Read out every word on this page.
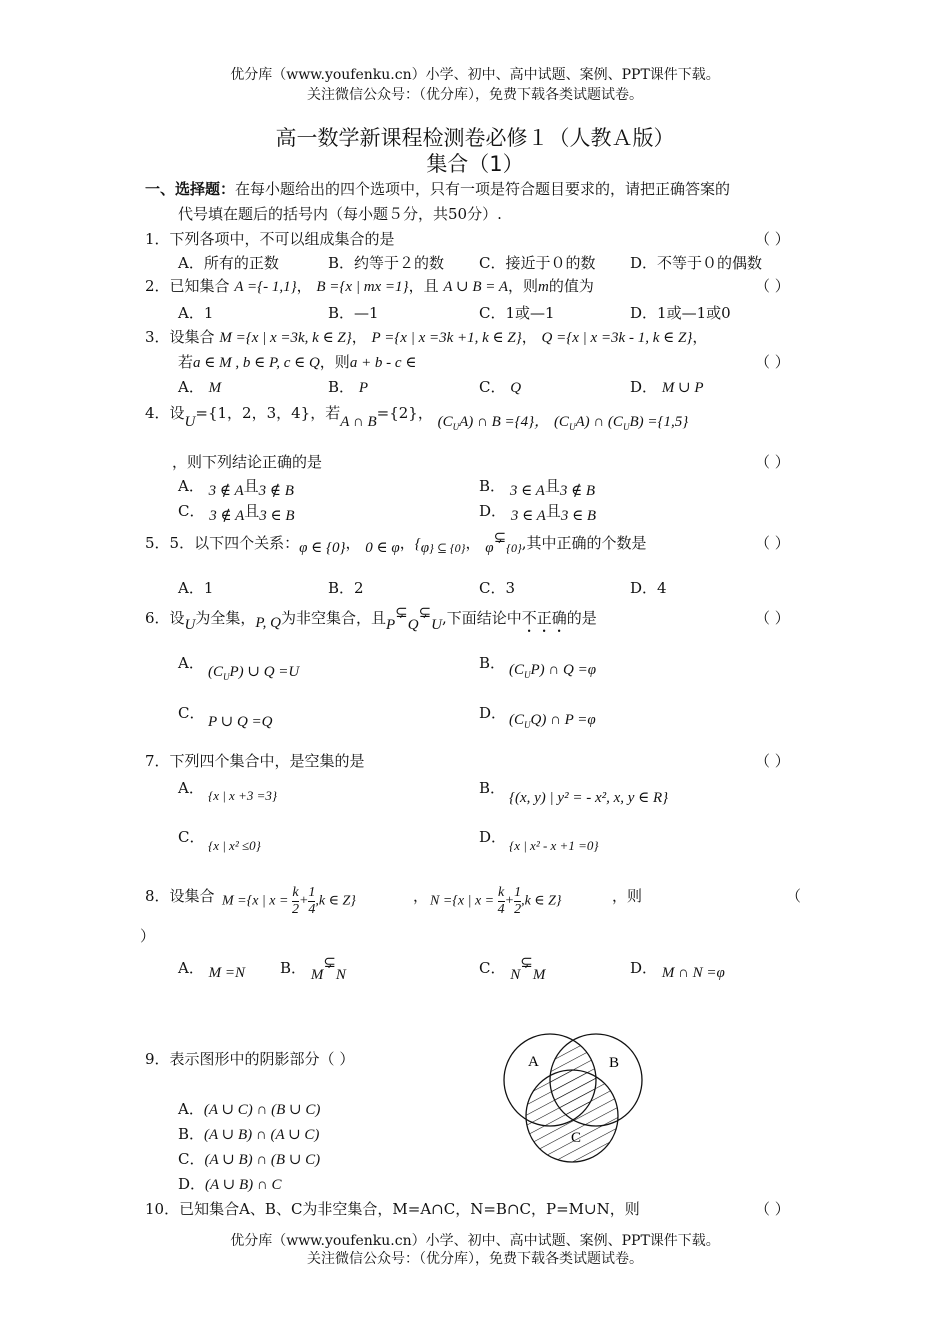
优分库（www.youfenku.cn）小学、初中、高中试题、案例、PPT课件下载。
关注微信公众号：（优分库），免费下载各类试题试卷。
高一数学新课程检测卷必修１（人教Ａ版）
集合（1）
一、选择题：在每小题给出的四个选项中，只有一项是符合题目要求的，请把正确答案的
代号填在题后的括号内（每小题５分，共50分）.
1．下列各项中，不可以组成集合的是	（ ）
A．所有的正数	B．约等于２的数 C．接近于０的数 D．不等于０的偶数
2．已知集合 A ={- 1,1}， B ={x | mx =1}，且 A ∪ B = A，则m的值为	（ ）
A．1	B．—1	C．1或—1	D．1或—1或0
3．设集合 M ={x | x =3k, k ∈ Z}， P ={x | x =3k +1, k ∈ Z}， Q ={x | x =3k - 1, k ∈ Z}，
若a ∈ M , b ∈ P, c ∈ Q，则a + b - c ∈	（ ）
A． M	B． P	C． Q	D． M ∪ P
4．设U={1，2，3，4}，若A ∩ B={2}， $(C_UA)$ ∩ B ={4}， $(C_UA)$ ∩ $(C_UB) =\{1,5\}$
，则下列结论正确的是	（ ）
A． 3 ∉ A且3 ∉ B	B． 3 ∈ A且3 ∉ B
C． 3 ∉ A且3 ∈ B	D． 3 ∈ A且3 ∈ B
5．5．以下四个关系：φ ∈ {0}， 0 ∈ φ，{$\varphi_{\} ⊆ \{0\}}$， $\varphi⊊_{\{0\}}$,其中正确的个数是	（ ）
A．1	B．2	C．3	D．4
6．设U为全集，P, Q为非空集合，且P⊊Q⊊U,下面结论中不正确的是	（ ）
A． $(C_UP)$ ∪ Q =U	B． $(C_UP)$ ∩ Q =φ
C． P ∪ Q =Q	D． $(C_UQ)$ ∩ P =φ
7．下列四个集合中，是空集的是	（ ）
A． {x | x +3 =3}	B．
{(x, y) | y² = - x², x, y ∈ R}
C． {x | x² ≤0}	D． {x | x² - x +1 =0}
8．设集合 M ={x | $x = \frac{k}{2} + \frac{1}{4} ,k$ ∈ Z}	， N ={x | $x = \frac{k}{4} + \frac{1}{2} ,k$ ∈ Z}	，则	（
）
A． M =N B． M⊊N	C． N⊊M	D． M ∩ N =φ
9．表示图形中的阴影部分（ ）
A．(A ∪ C) ∩ (B ∪ C)
B．(A ∪ B) ∩ (A ∪ C)
C．(A ∪ B) ∩ (B ∪ C)
D．(A ∪ B) ∩ C
A	B
C
10．已知集合A、B、C为非空集合，M=A∩C，N=B∩C，P=M∪N，则	（ ）
优分库（www.youfenku.cn）小学、初中、高中试题、案例、PPT课件下载。
关注微信公众号：（优分库），免费下载各类试题试卷。
